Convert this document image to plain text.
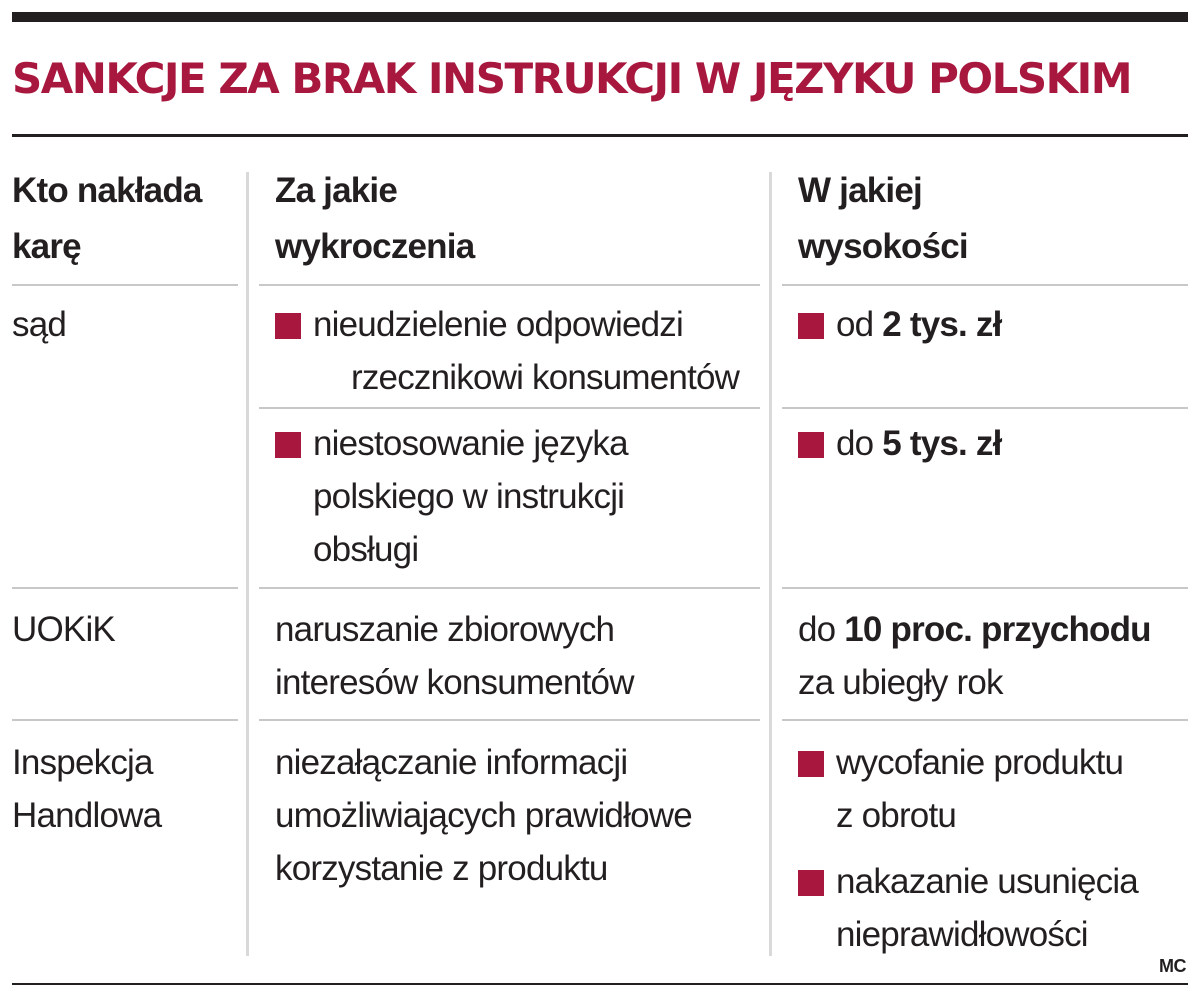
SANKCJE ZA BRAK INSTRUKCJI W JĘZYKU POLSKIM
Kto nakłada
karę
Za jakie
wykroczenia
W jakiej
wysokości
sąd	nieudzielenie odpowiedzi
rzecznikowi konsumentów
od 2 tys. zł
niestosowanie języka
polskiego w instrukcji
obsługi
do 5 tys. zł
UOKiK	naruszanie zbiorowych
interesów konsumentów
do 10 proc. przychodu
za ubiegły rok
Inspekcja
Handlowa
niezałączanie informacji
umożliwiających prawidłowe
korzystanie z produktu
wycofanie produktu
z obrotu
nakazanie usunięcia
nieprawidłowości
MC
